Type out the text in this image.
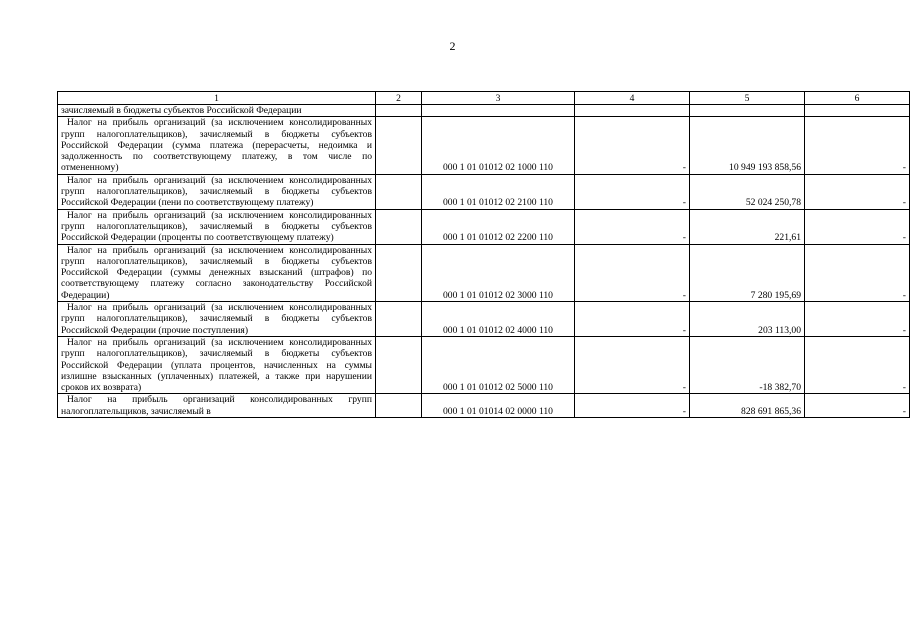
2
1	2	3	4	5	6

зачисляемый в бюджеты субъектов Российской Федерации					

Налог на прибыль организаций (за исключением консолидированных групп налогоплательщиков), зачисляемый в бюджеты субъектов Российской Федерации (сумма платежа (перерасчеты, недоимка и задолженность по соответствующему платежу, в том числе по отмененному)		000 1 01 01012 02 1000 110	-	10 949 193 858,56	-

Налог на прибыль организаций (за исключением консолидированных групп налогоплательщиков), зачисляемый в бюджеты субъектов Российской Федерации (пени по соответствующему платежу)		000 1 01 01012 02 2100 110	-	52 024 250,78	-

Налог на прибыль организаций (за исключением консолидированных групп налогоплательщиков), зачисляемый в бюджеты субъектов Российской Федерации (проценты по соответствующему платежу)		000 1 01 01012 02 2200 110	-	221,61	-

Налог на прибыль организаций (за исключением консолидированных групп налогоплательщиков), зачисляемый в бюджеты субъектов Российской Федерации (суммы денежных взысканий (штрафов) по соответствующему платежу согласно законодательству Российской Федерации)		000 1 01 01012 02 3000 110	-	7 280 195,69	-

Налог на прибыль организаций (за исключением консолидированных групп налогоплательщиков), зачисляемый в бюджеты субъектов Российской Федерации (прочие поступления)		000 1 01 01012 02 4000 110	-	203 113,00	-

Налог на прибыль организаций (за исключением консолидированных групп налогоплательщиков), зачисляемый в бюджеты субъектов Российской Федерации (уплата процентов, начисленных на суммы излишне взысканных (уплаченных) платежей, а также при нарушении сроков их возврата)		000 1 01 01012 02 5000 110	-	-18 382,70	-

Налог на прибыль организаций консолидированных групп налогоплательщиков, зачисляемый в		000 1 01 01014 02 0000 110	-	828 691 865,36	-
